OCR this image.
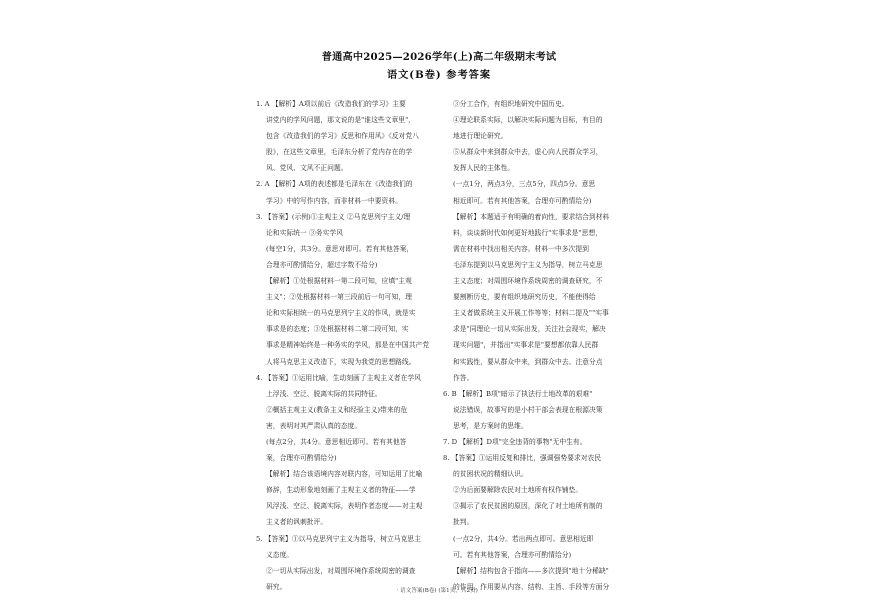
普通高中2025—2026学年(上)高二年级期末考试
语文(B卷) 参考答案
1. A 【解析】A项以前后《改造我们的学习》主要
讲党内的学风问题，那文说的是"谁这些文章里",
包含《改造我们的学习》反思和作用风》《反对党八
股》，在这些文章里，毛泽东分析了党内存在的学
风、党风、文风不正问题。
2. A 【解析】A项的表述都是毛泽东在《改造我们的
学习》中的写作内容，而非材料一中要资料。
3. 【答案】(示例)①主观主义 ②马克思列宁主义/理
论和实际统一 ③务实学风
(每空1分，共3分。意思对即可。若有其他答案，
合理亦可酌情给分，超过字数不给分)
【解析】①处根据材料一第二段可知，应填"主观
主义"；②处根据材料一第三段前后一句可知，理
论和实际相统一的马克思列宁主义的作风，就是实
事求是的态度；③处根据材料二第二段可知，实
事求是精神始终是一种务实的学风，那是在中国共产党
人将马克思主义改造下，实现为我党的思想路线。
4. 【答案】①运用比喻，生动刻画了主观主义者在学风
上浮浅、空泛、脱离实际的共同特征。
②概括主观主义(教条主义和经验主义)带来的危
害，表明对其严肃认真的态度。
(每点2分，共4分。意思相近即可。若有其他答
案，合理亦可酌情给分)
【解析】结合该语境内容对联内容，可知运用了比喻
修辞，生动形象地刻画了主观主义者的特征——学
风浮浅、空泛、脱离实际，表明作者态度——对主观
主义者的讽刺批评。
5. 【答案】①以马克思列宁主义为指导，树立马克思主
义态度。
②一切从实际出发，对周围环境作系统周密的调查
研究。
③分工合作，有组织地研究中国历史。
④理论联系实际，以解决实际问题为目标，有目的
地进行理论研究。
⑤从群众中来到群众中去，虚心向人民群众学习，
发挥人民的主体性。
(一点1分，两点3分，三点5分，四点5分。意思
相近即可。若有其他答案，合理亦可酌情给分)
【解析】本题适于有明确的着向性，要求结合到材料
料，谈谈新时代如何更好地践行"实事求是"思想，
需在材料中找出相关内容。材料一中多次提到
毛泽东提到以马克思列宁主义为指导，树立马克思
主义态度；对周围环境作系统周密的调查研究，不
要割断历史，要有组织地研究历史，不能使得给
主义者做系统主义开展工作等等；材料二提及""实事
求是"同理论一切从实际出发，关注社会现实，解决
现实问题"，并指出"实事求是"要想都依靠人民群
和实践性，要从群众中来，到群众中去。注意分点
作答。
6. B 【解析】B项"暗示了执法行土地改革的艰难"
说法错误，故事写的是小村干部会表现在根源决策
思考，是方案时的思维。
7. D 【解析】D项"完全违背的事物"无中生有。
8. 【答案】①运用反复和排比，强调强势要求对农民
的贫困状况的精细认识。
②为后面要解除农民对土地所有权作铺垫。
③揭示了农民贫困的原因，深化了对土地所有制的
批判。
(一点2分，共4分。若出两点即可。意思相近即
可。若有其他答案，合理亦可酌情给分)
【解析】结构包含于指向——多次提到"地十分稀缺"
的作用。作用要从内容、结构、主旨、手段等方面分
· 语文答案(B卷) (第1页，共2页) ·
